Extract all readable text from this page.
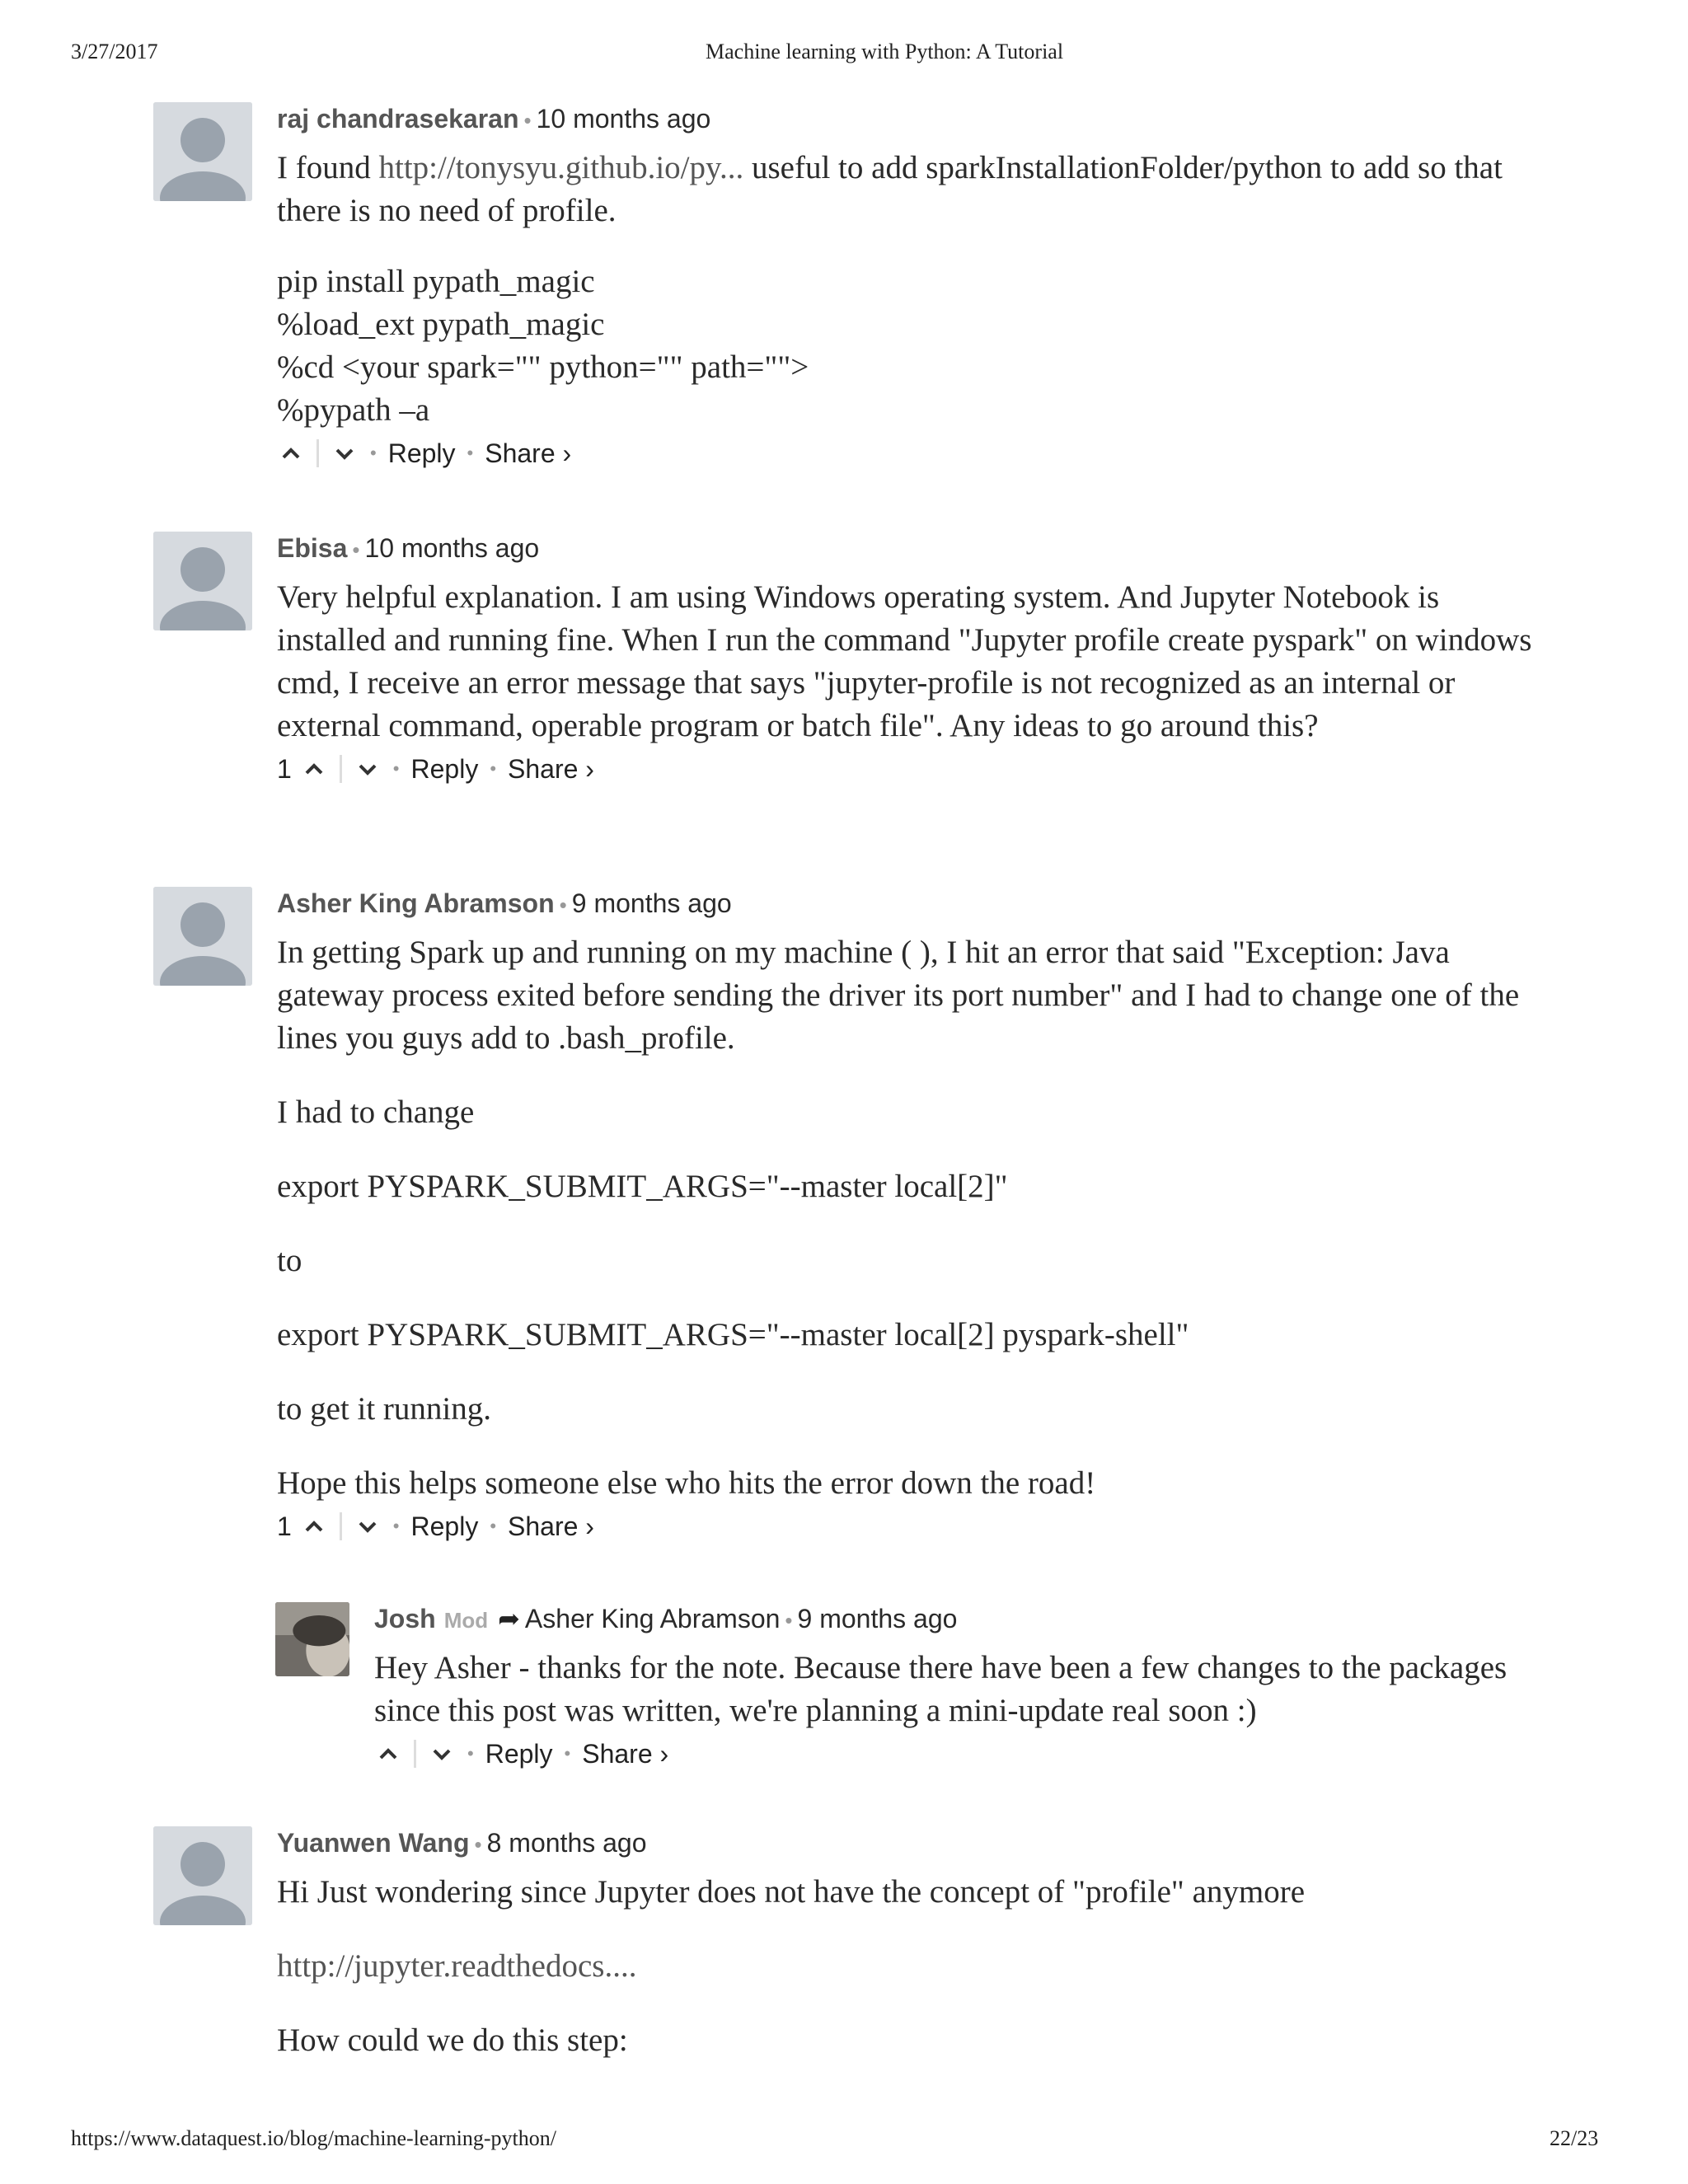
3/27/2017	Machine learning with Python: A Tutorial
https://www.dataquest.io/blog/machine-learning-python/	22/23
raj chandrasekaran • 10 months ago

I found http://tonysyu.github.io/py... useful to add sparkInstallationFolder/python to add so that there is no need of profile.

pip install pypath_magic

%load_ext pypath_magic

%cd <your spark="" python="" path="">

%pypath –a

• Reply • Share ›
Ebisa • 10 months ago

Very helpful explanation. I am using Windows operating system. And Jupyter Notebook is installed and running fine. When I run the command "Jupyter profile create pyspark" on windows cmd, I receive an error message that says "jupyter-profile is not recognized as an internal or external command, operable program or batch file". Any ideas to go around this?

1	• Reply • Share ›
Asher King Abramson • 9 months ago

In getting Spark up and running on my machine ( ), I hit an error that said "Exception: Java gateway process exited before sending the driver its port number" and I had to change one of the lines you guys add to .bash_profile.

I had to change

export PYSPARK_SUBMIT_ARGS="--master local[2]"

to

export PYSPARK_SUBMIT_ARGS="--master local[2] pyspark-shell"

to get it running.

Hope this helps someone else who hits the error down the road!

1	• Reply • Share ›
Josh Mod ➦ Asher King Abramson • 9 months ago

Hey Asher - thanks for the note. Because there have been a few changes to the packages since this post was written, we're planning a mini-update real soon :)

• Reply • Share ›
Yuanwen Wang • 8 months ago

Hi Just wondering since Jupyter does not have the concept of "profile" anymore

http://jupyter.readthedocs....

How could we do this step:
